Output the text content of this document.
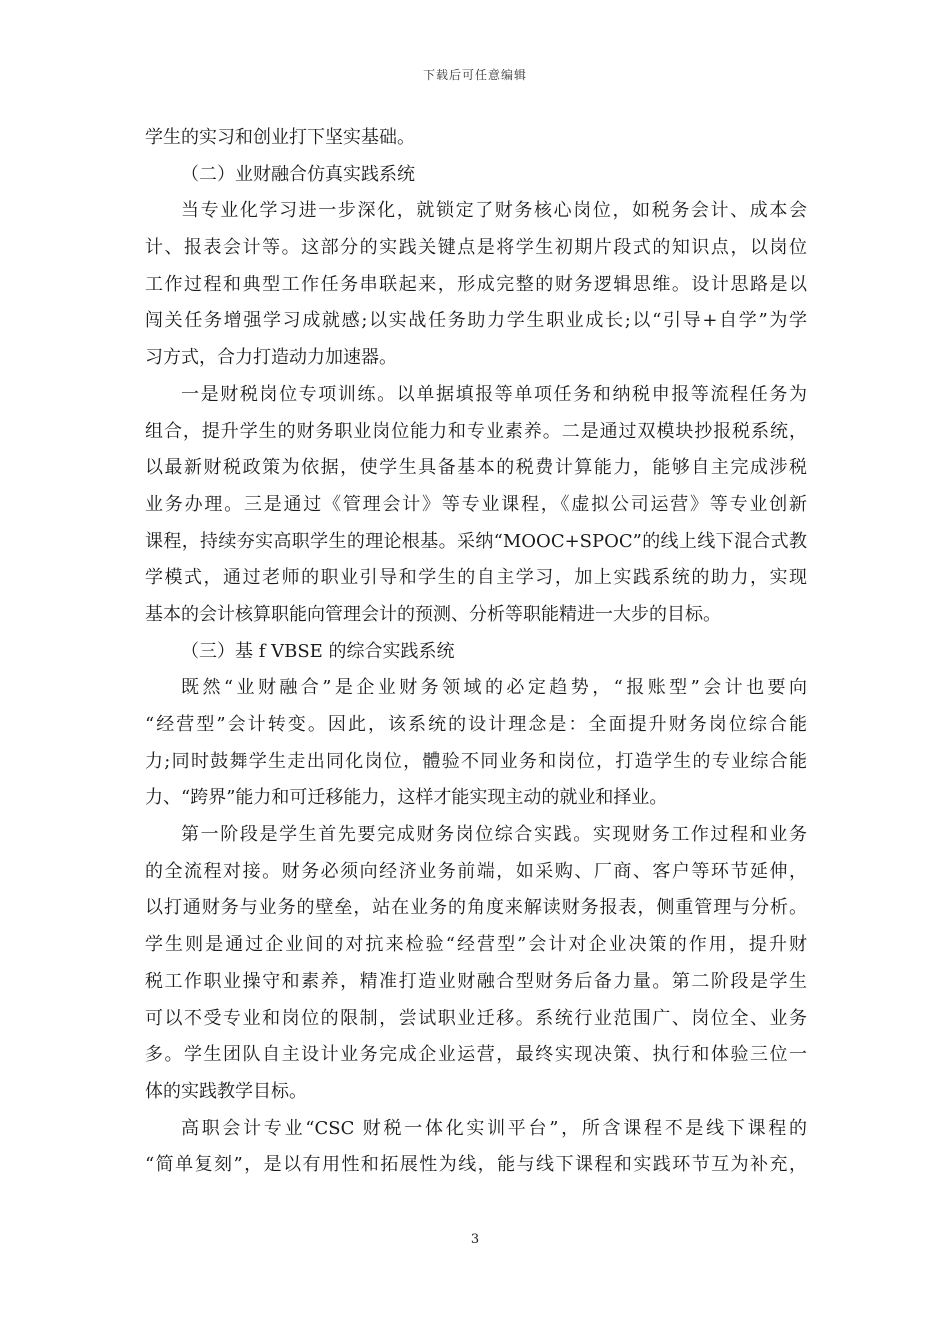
下载后可任意编辑
学生的实习和创业打下坚实基础。
（二）业财融合仿真实践系统
当专业化学习进一步深化，就锁定了财务核心岗位，如税务会计、成本会
计、报表会计等。这部分的实践关键点是将学生初期片段式的知识点，以岗位
工作过程和典型工作任务串联起来，形成完整的财务逻辑思维。设计思路是以
闯关任务增强学习成就感;以实战任务助力学生职业成长;以“引导+自学”为学
习方式，合力打造动力加速器。
一是财税岗位专项训练。以单据填报等单项任务和纳税申报等流程任务为
组合，提升学生的财务职业岗位能力和专业素养。二是通过双模块抄报税系统，
以最新财税政策为依据，使学生具备基本的税费计算能力，能够自主完成涉税
业务办理。三是通过《管理会计》等专业课程，《虚拟公司运营》等专业创新
课程，持续夯实高职学生的理论根基。采纳“MOOC+SPOC”的线上线下混合式教
学模式，通过老师的职业引导和学生的自主学习，加上实践系统的助力，实现
基本的会计核算职能向管理会计的预测、分析等职能精进一大步的目标。
（三）基 f VBSE 的综合实践系统
既然“业财融合”是企业财务领域的必定趋势，“报账型”会计也要向
“经营型”会计转变。因此，该系统的设计理念是：全面提升财务岗位综合能
力;同时鼓舞学生走出同化岗位，體验不同业务和岗位，打造学生的专业综合能
力、“跨界”能力和可迁移能力，这样才能实现主动的就业和择业。
第一阶段是学生首先要完成财务岗位综合实践。实现财务工作过程和业务
的全流程对接。财务必须向经济业务前端，如采购、厂商、客户等环节延伸，
以打通财务与业务的壁垒，站在业务的角度来解读财务报表，侧重管理与分析。
学生则是通过企业间的对抗来检验“经营型”会计对企业决策的作用，提升财
税工作职业操守和素养，精准打造业财融合型财务后备力量。第二阶段是学生
可以不受专业和岗位的限制，尝试职业迁移。系统行业范围广、岗位全、业务
多。学生团队自主设计业务完成企业运营，最终实现决策、执行和体验三位一
体的实践教学目标。
高职会计专业“CSC 财税一体化实训平台”，所含课程不是线下课程的
“简单复刻”，是以有用性和拓展性为线，能与线下课程和实践环节互为补充，
3
